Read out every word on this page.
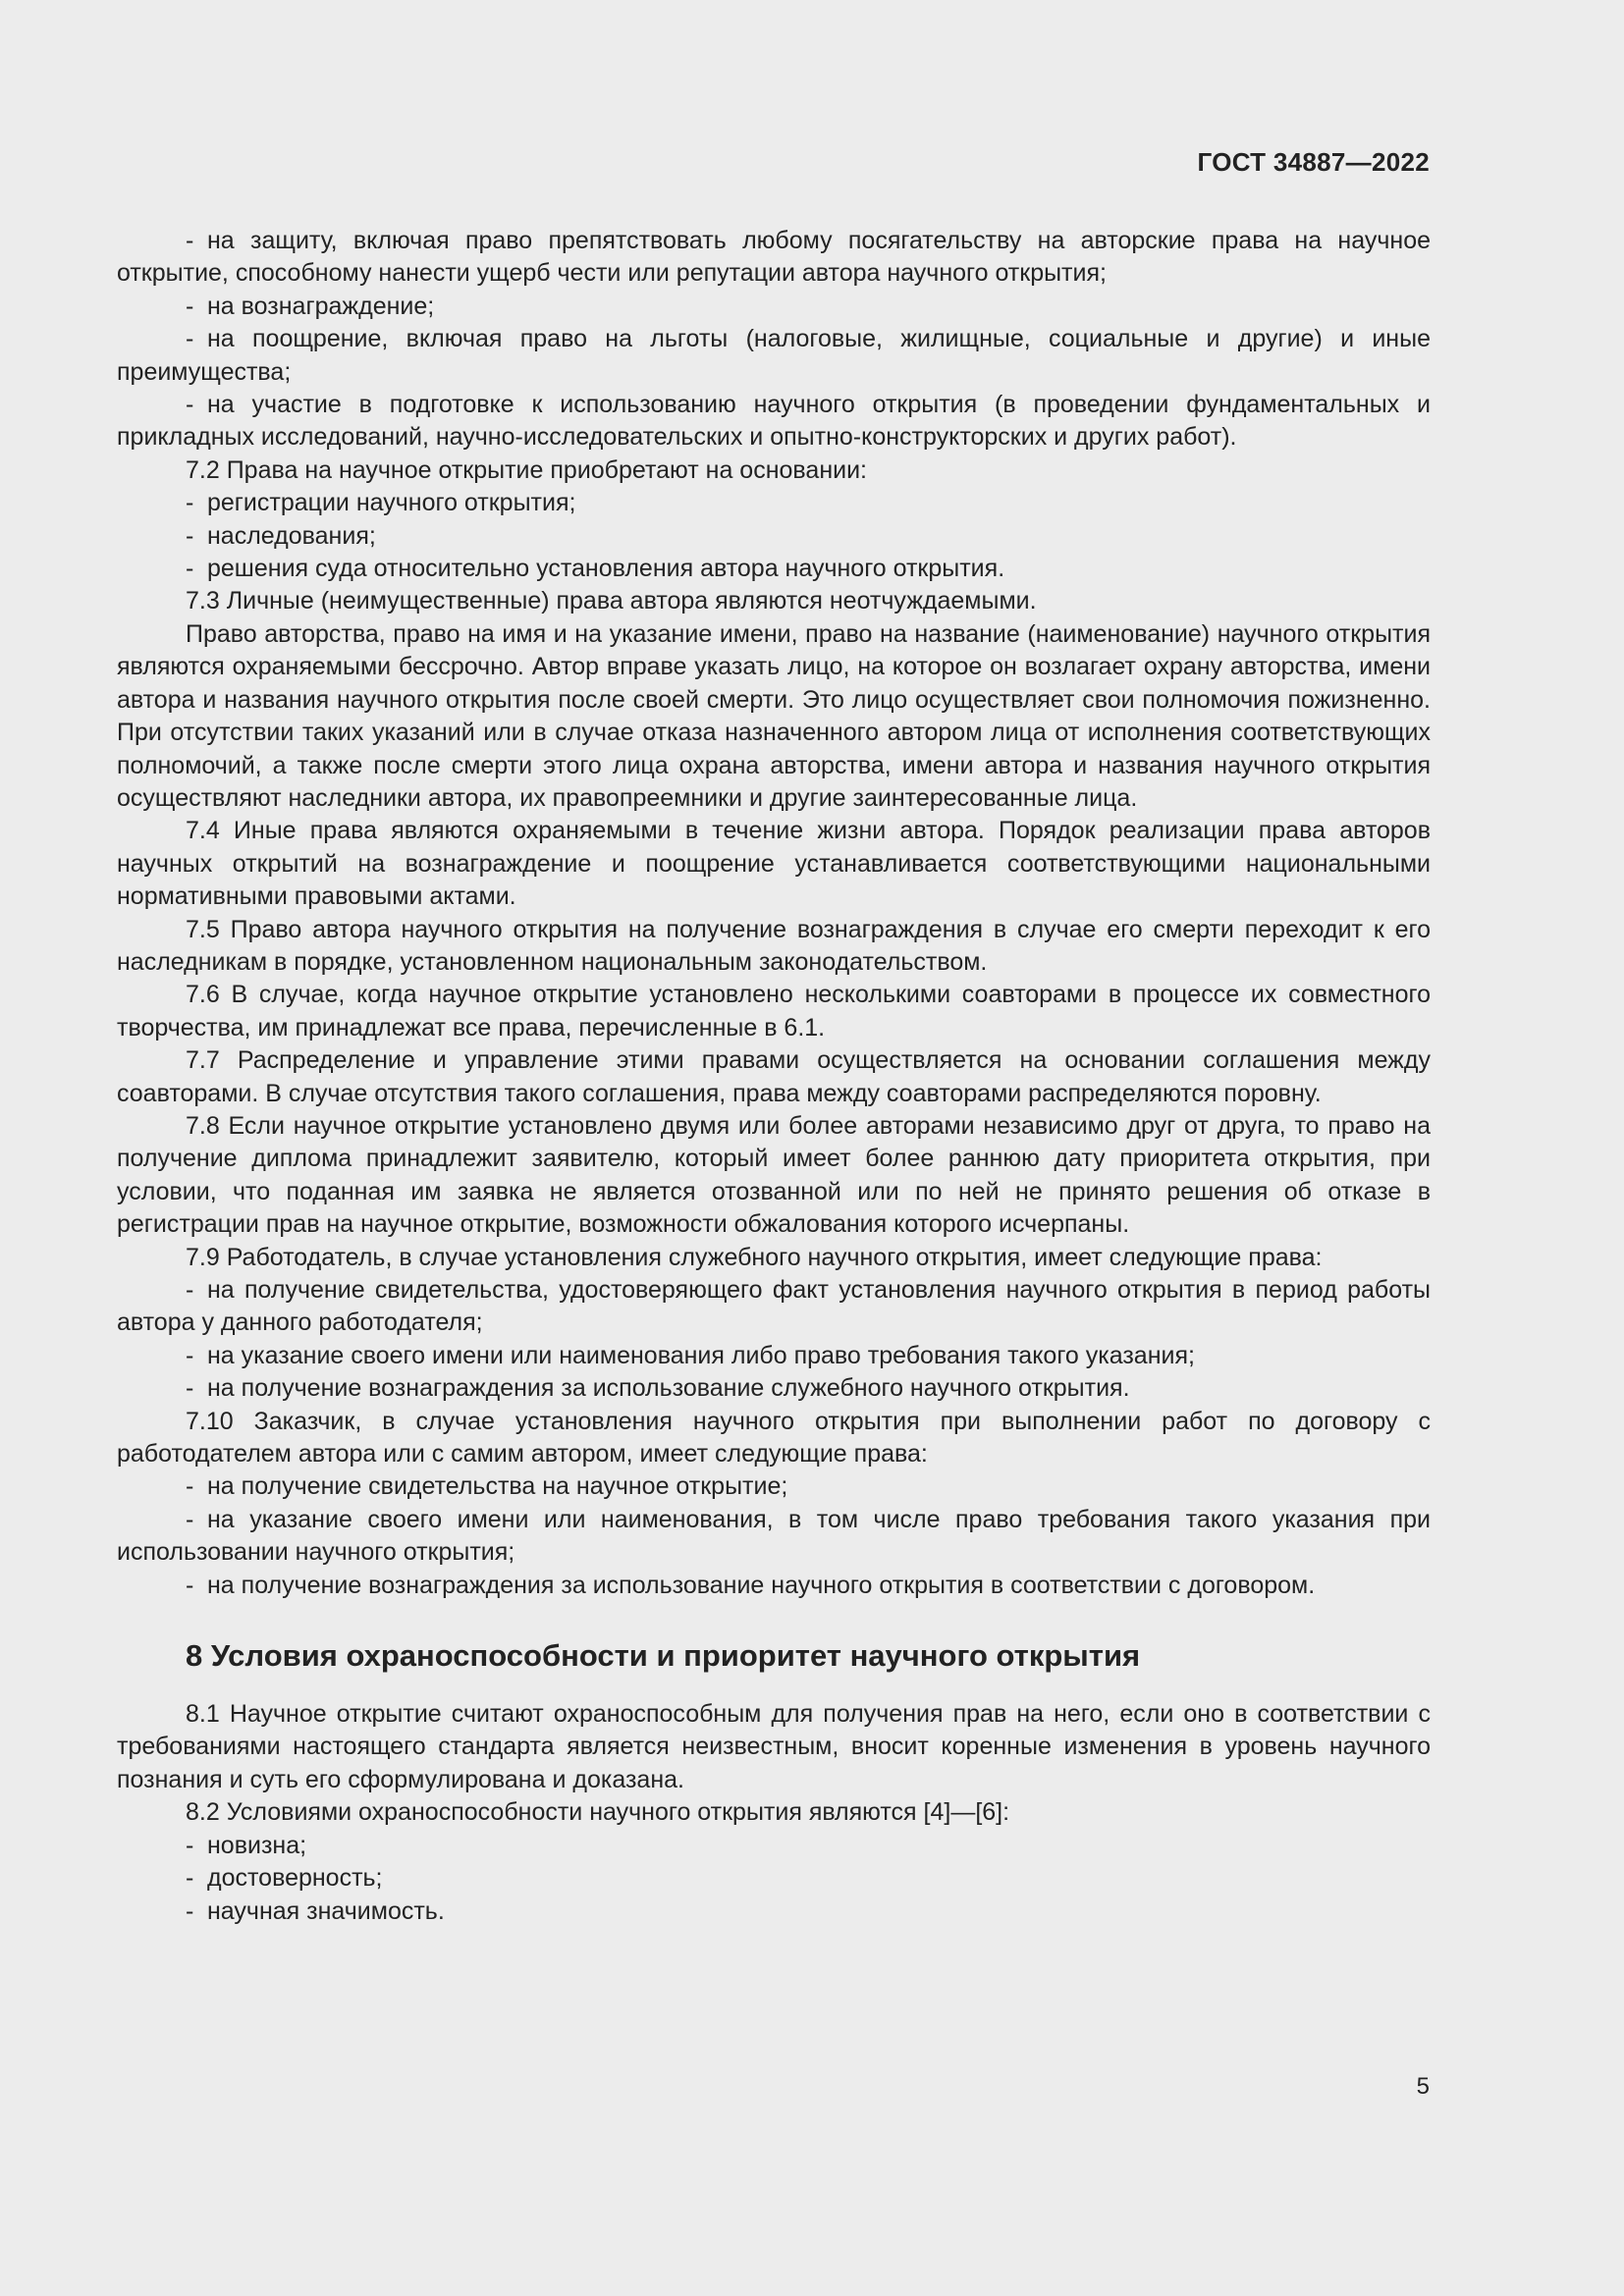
ГОСТ 34887—2022
- на защиту, включая право препятствовать любому посягательству на авторские права на научное открытие, способному нанести ущерб чести или репутации автора научного открытия;
- на вознаграждение;
- на поощрение, включая право на льготы (налоговые, жилищные, социальные и другие) и иные преимущества;
- на участие в подготовке к использованию научного открытия (в проведении фундаментальных и прикладных исследований, научно-исследовательских и опытно-конструкторских и других работ).
7.2 Права на научное открытие приобретают на основании:
- регистрации научного открытия;
- наследования;
- решения суда относительно установления автора научного открытия.
7.3 Личные (неимущественные) права автора являются неотчуждаемыми.
Право авторства, право на имя и на указание имени, право на название (наименование) научного открытия являются охраняемыми бессрочно. Автор вправе указать лицо, на которое он возлагает охрану авторства, имени автора и названия научного открытия после своей смерти. Это лицо осуществляет свои полномочия пожизненно. При отсутствии таких указаний или в случае отказа назначенного автором лица от исполнения соответствующих полномочий, а также после смерти этого лица охрана авторства, имени автора и названия научного открытия осуществляют наследники автора, их правопреемники и другие заинтересованные лица.
7.4 Иные права являются охраняемыми в течение жизни автора. Порядок реализации права авторов научных открытий на вознаграждение и поощрение устанавливается соответствующими национальными нормативными правовыми актами.
7.5 Право автора научного открытия на получение вознаграждения в случае его смерти переходит к его наследникам в порядке, установленном национальным законодательством.
7.6 В случае, когда научное открытие установлено несколькими соавторами в процессе их совместного творчества, им принадлежат все права, перечисленные в 6.1.
7.7 Распределение и управление этими правами осуществляется на основании соглашения между соавторами. В случае отсутствия такого соглашения, права между соавторами распределяются поровну.
7.8 Если научное открытие установлено двумя или более авторами независимо друг от друга, то право на получение диплома принадлежит заявителю, который имеет более раннюю дату приоритета открытия, при условии, что поданная им заявка не является отозванной или по ней не принято решения об отказе в регистрации прав на научное открытие, возможности обжалования которого исчерпаны.
7.9 Работодатель, в случае установления служебного научного открытия, имеет следующие права:
- на получение свидетельства, удостоверяющего факт установления научного открытия в период работы автора у данного работодателя;
- на указание своего имени или наименования либо право требования такого указания;
- на получение вознаграждения за использование служебного научного открытия.
7.10 Заказчик, в случае установления научного открытия при выполнении работ по договору с работодателем автора или с самим автором, имеет следующие права:
- на получение свидетельства на научное открытие;
- на указание своего имени или наименования, в том числе право требования такого указания при использовании научного открытия;
- на получение вознаграждения за использование научного открытия в соответствии с договором.
8 Условия охраноспособности и приоритет научного открытия
8.1 Научное открытие считают охраноспособным для получения прав на него, если оно в соответствии с требованиями настоящего стандарта является неизвестным, вносит коренные изменения в уровень научного познания и суть его сформулирована и доказана.
8.2 Условиями охраноспособности научного открытия являются [4]—[6]:
- новизна;
- достоверность;
- научная значимость.
5
